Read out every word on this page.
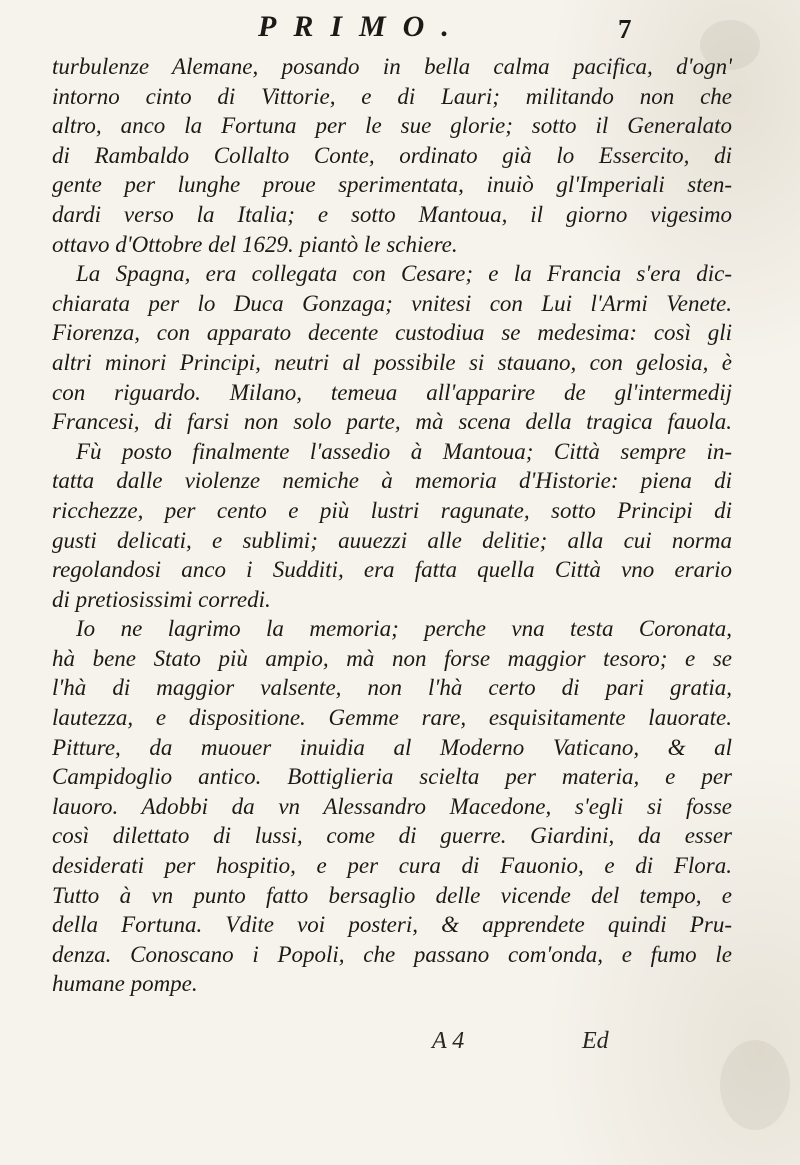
PRIMO.	7
turbulenze Alemane, posando in bella calma pacifica, d'ogn'
intorno cinto di Vittorie, e di Lauri; militando non che
altro, anco la Fortuna per le sue glorie; sotto il Generalato
di Rambaldo Collalto Conte, ordinato già lo Essercito, di
gente per lunghe proue sperimentata, inuiò gl'Imperiali sten-
dardi verso la Italia; e sotto Mantoua, il giorno vigesimo
ottavo d'Ottobre del 1629. piantò le schiere.
La Spagna, era collegata con Cesare; e la Francia s'era dic-
chiarata per lo Duca Gonzaga; vnitesi con Lui l'Armi Venete.
Fiorenza, con apparato decente custodiua se medesima: così gli
altri minori Principi, neutri al possibile si stauano, con gelosia, è
con riguardo. Milano, temeua all'apparire de gl'intermedij
Francesi, di farsi non solo parte, mà scena della tragica fauola.
Fù posto finalmente l'assedio à Mantoua; Città sempre in-
tatta dalle violenze nemiche à memoria d'Historie: piena di
ricchezze, per cento e più lustri ragunate, sotto Principi di
gusti delicati, e sublimi; auuezzi alle delitie; alla cui norma
regolandosi anco i Sudditi, era fatta quella Città vno erario
di pretiosissimi corredi.
Io ne lagrimo la memoria; perche vna testa Coronata,
hà bene Stato più ampio, mà non forse maggior tesoro; e se
l'hà di maggior valsente, non l'hà certo di pari gratia,
lautezza, e dispositione. Gemme rare, esquisitamente lauorate.
Pitture, da muouer inuidia al Moderno Vaticano, & al
Campidoglio antico. Bottiglieria scielta per materia, e per
lauoro. Adobbi da vn Alessandro Macedone, s'egli si fosse
così dilettato di lussi, come di guerre. Giardini, da esser
desiderati per hospitio, e per cura di Fauonio, e di Flora.
Tutto à vn punto fatto bersaglio delle vicende del tempo, e
della Fortuna. Vdite voi posteri, & apprendete quindi Pru-
denza. Conoscano i Popoli, che passano com'onda, e fumo le
humane pompe.
A 4	Ed
